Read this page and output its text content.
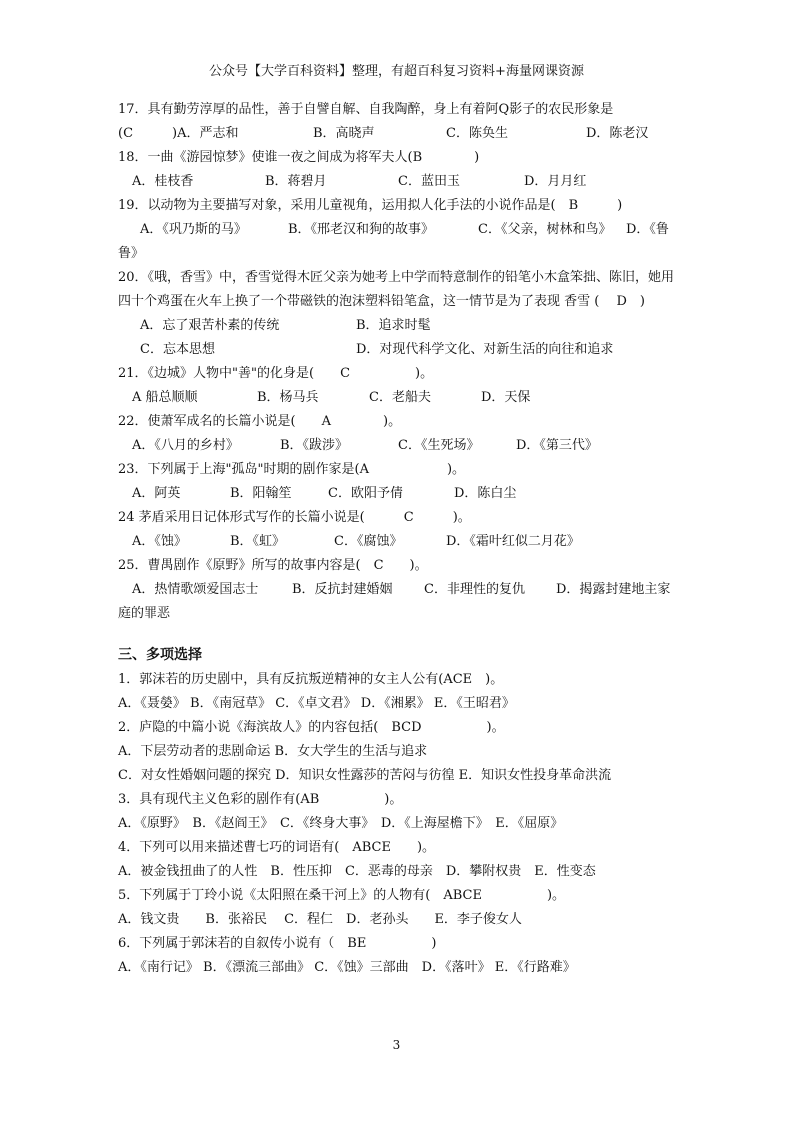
公众号【大学百科资料】整理，有超百科复习资料+海量网课资源
17．具有勤劳淳厚的品性，善于自譬自解、自我陶醉，身上有着阿Q影子的农民形象是
(C　　　)A．严志和	B．高晓声	C．陈奂生	D．陈老汉
18．一曲《游园惊梦》使谁一夜之间成为将军夫人(B　　　　)
A．桂枝香	B．蒋碧月	C．蓝田玉	D．月月红
19．以动物为主要描写对象，采用儿童视角，运用拟人化手法的小说作品是(　B　　　)
A．《巩乃斯的马》	B．《邢老汉和狗的故事》	C．《父亲，树林和鸟》	D．《鲁
鲁》
20．《哦，香雪》中，香雪觉得木匠父亲为她考上中学而特意制作的铅笔小木盒笨拙、陈旧，她用四十个鸡蛋在火车上换了一个带磁铁的泡沫塑料铅笔盒，这一情节是为了表现 香雪 (　 D　)
A．忘了艰苦朴素的传统	B．追求时髦
C．忘本思想	D．对现代科学文化、对新生活的向往和追求
21．《边城》人物中"善"的化身是(　　C　　　　　)。
A 船总顺顺	B．杨马兵	C．老船夫	D．天保
22．使萧军成名的长篇小说是(　　A　　　　)。
A．《八月的乡村》	B．《跋涉》	C．《生死场》	D．《第三代》
23．下列属于上海"孤岛"时期的剧作家是(A　　　　　　)。
A．阿英	B．阳翰笙	C．欧阳予倩	D．陈白尘
24 茅盾采用日记体形式写作的长篇小说是(　　　C　　　)。
A．《蚀》	B．《虹》	C．《腐蚀》	D．《霜叶红似二月花》
25．曹禺剧作《原野》所写的故事内容是(　C　　)。
A．热情歌颂爱国志士	B．反抗封建婚姻	C．非理性的复仇	D．揭露封建地主家
庭的罪恶
三、多项选择
1．郭沫若的历史剧中，具有反抗叛逆精神的女主人公有(ACE　)。
A．《聂嫈》 B．《南冠草》 C．《卓文君》 D．《湘累》 E．《王昭君》
2．庐隐的中篇小说《海滨故人》的内容包括(　BCD　　　　　)。
A．下层劳动者的悲剧命运 B．女大学生的生活与追求
C．对女性婚姻问题的探究 D．知识女性露莎的苦闷与彷徨 E．知识女性投身革命洪流
3．具有现代主义色彩的剧作有(AB　　　　　)。
A．《原野》　B．《赵阎王》　C．《终身大事》　D．《上海屋檐下》　E．《屈原》
4．下列可以用来描述曹七巧的词语有(　ABCE　　)。
A．被金钱扭曲了的人性　B．性压抑　C．恶毒的母亲　D．攀附权贵　E．性变态
5．下列属于丁玲小说《太阳照在桑干河上》的人物有(　ABCE　　　　　)。
A．钱文贵　　B．张裕民　 C．程仁　D．老孙头　　E．李子俊女人
6．下列属于郭沫若的自叙传小说有（　BE　　　　　)
A．《南行记》 B．《漂流三部曲》 C．《蚀》三部曲　D．《落叶》 E．《行路难》
3
